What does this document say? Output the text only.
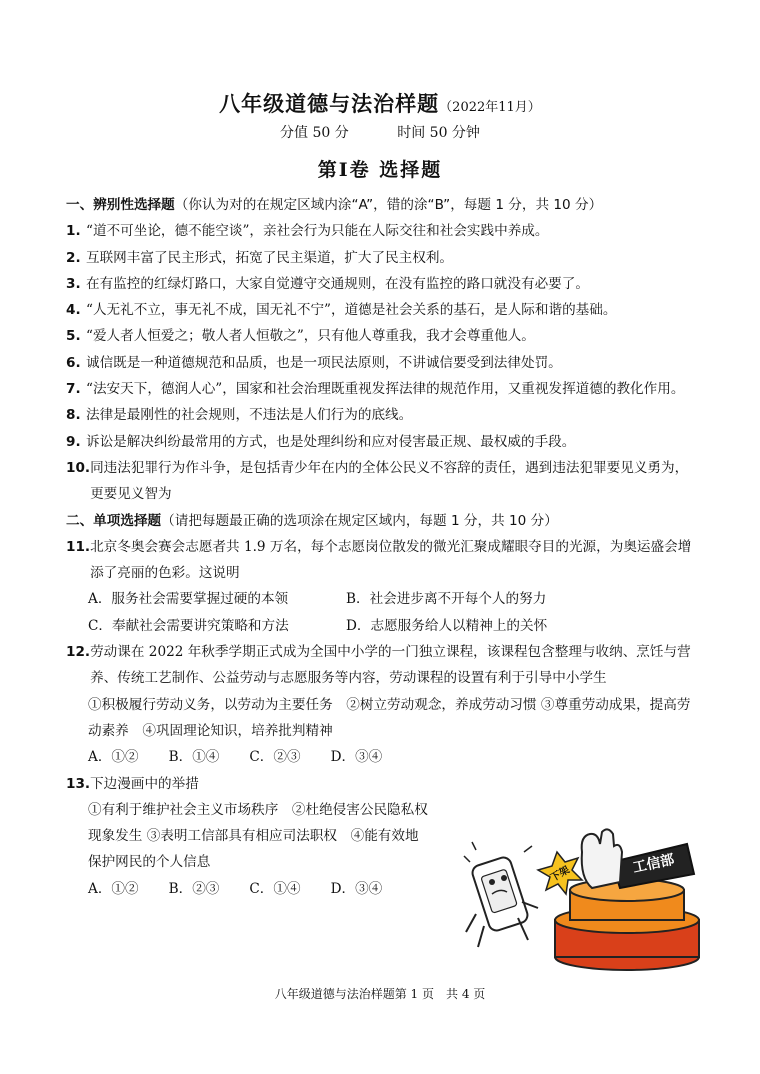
八年级道德与法治样题（2022年11月）
分值 50 分	时间 50 分钟
第Ⅰ卷 选择题
一、辨别性选择题（你认为对的在规定区域内涂“A”，错的涂“B”，每题 1 分，共 10 分）
1. “道不可坐论，德不能空谈”，亲社会行为只能在人际交往和社会实践中养成。
2. 互联网丰富了民主形式，拓宽了民主渠道，扩大了民主权利。
3. 在有监控的红绿灯路口，大家自觉遵守交通规则，在没有监控的路口就没有必要了。
4. “人无礼不立，事无礼不成，国无礼不宁”，道德是社会关系的基石，是人际和谐的基础。
5. “爱人者人恒爱之；敬人者人恒敬之”，只有他人尊重我，我才会尊重他人。
6. 诚信既是一种道德规范和品质，也是一项民法原则，不讲诚信要受到法律处罚。
7. “法安天下，德润人心”，国家和社会治理既重视发挥法律的规范作用，又重视发挥道德的教化作用。
8. 法律是最刚性的社会规则，不违法是人们行为的底线。
9. 诉讼是解决纠纷最常用的方式，也是处理纠纷和应对侵害最正规、最权威的手段。
10. 同违法犯罪行为作斗争，是包括青少年在内的全体公民义不容辞的责任，遇到违法犯罪要见义勇为，更要见义智为
二、单项选择题（请把每题最正确的选项涂在规定区域内，每题 1 分，共 10 分）
11. 北京冬奥会赛会志愿者共 1.9 万名，每个志愿岗位散发的微光汇聚成耀眼夺目的光源，为奥运盛会增添了亮丽的色彩。这说明
A．服务社会需要掌握过硬的本领	B．社会进步离不开每个人的努力
C．奉献社会需要讲究策略和方法	D．志愿服务给人以精神上的关怀
12. 劳动课在 2022 年秋季学期正式成为全国中小学的一门独立课程，该课程包含整理与收纳、烹饪与营养、传统工艺制作、公益劳动与志愿服务等内容，劳动课程的设置有利于引导中小学生
①积极履行劳动义务，以劳动为主要任务　②树立劳动观念，养成劳动习惯 ③尊重劳动成果，提高劳动素养　④巩固理论知识，培养批判精神
A．①② B．①④ C．②③ D．③④
13. 下边漫画中的举措
①有利于维护社会主义市场秩序　②杜绝侵害公民隐私权现象发生 ③表明工信部具有相应司法职权　④能有效地保护网民的个人信息
A．①② B．②③ C．①④ D．③④
工信部
下架
八年级道德与法治样题第 1 页　共 4 页
